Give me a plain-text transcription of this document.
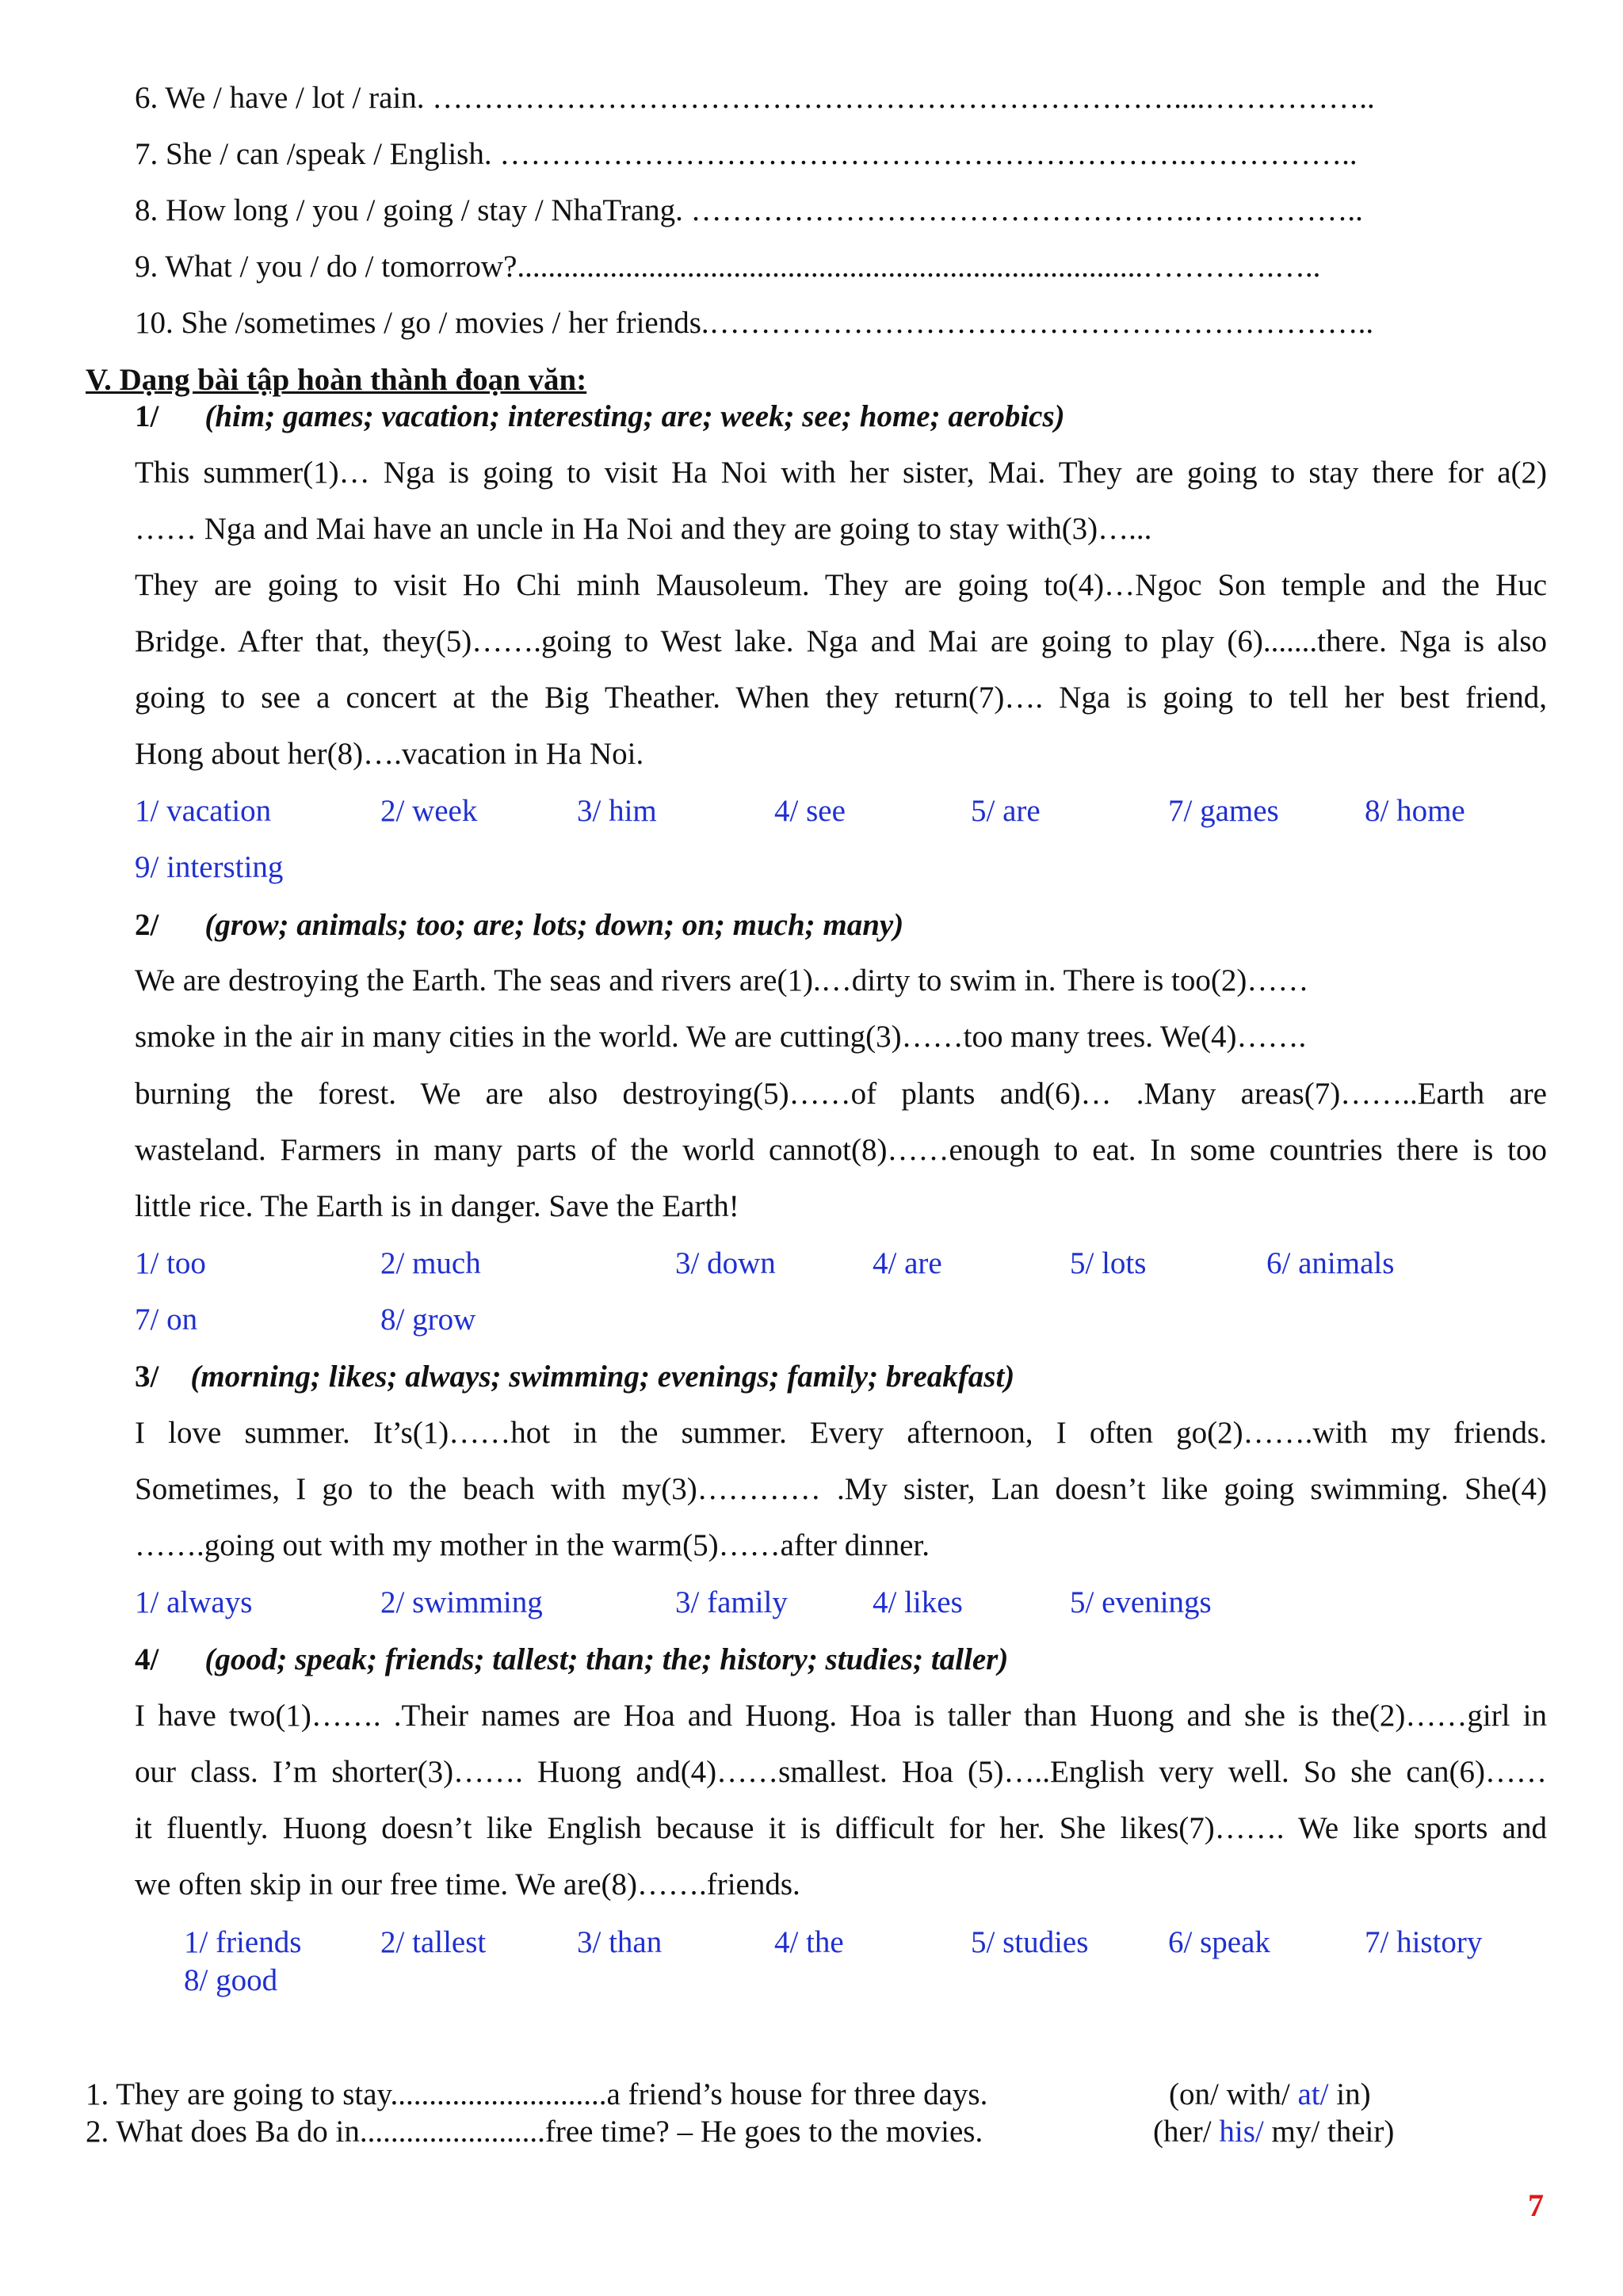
6. We / have / lot / rain. ………………………………………………………………....……………..
7. She / can /speak / English. ………………………………………………………….……………..
8. How long / you / going / stay / NhaTrang. ………………………………………….……………..
9. What / you / do / tomorrow?.................................................................................………….…..
10. She /sometimes / go / movies / her friends.………………………………………………………..
V. Dạng bài tập hoàn thành đoạn văn:
1/ (him; games; vacation; interesting; are; week; see; home; aerobics)
This summer(1)… Nga is going to visit Ha Noi with her sister, Mai. They are going to stay there for a(2)
…… Nga and Mai have an uncle in Ha Noi and they are going to stay with(3)…...
They are going to visit Ho Chi minh Mausoleum. They are going to(4)…Ngoc Son temple and the Huc
Bridge. After that, they(5)…….going to West lake. Nga and Mai are going to play (6).......there. Nga is also
going to see a concert at the Big Theather. When they return(7)…. Nga is going to tell her best friend,
Hong about her(8)….vacation in Ha Noi.
1/ vacation	2/ week	3/ him	4/ see	5/ are	7/ games	8/ home
9/ intersting
2/ (grow; animals; too; are; lots; down; on; much; many)
We are destroying the Earth. The seas and rivers are(1).…dirty to swim in. There is too(2)……
smoke in the air in many cities in the world. We are cutting(3)……too many trees. We(4)…….
burning the forest. We are also destroying(5)……of plants and(6)… .Many areas(7)……..Earth are
wasteland. Farmers in many parts of the world cannot(8)……enough to eat. In some countries there is too
little rice. The Earth is in danger. Save the Earth!
1/ too	2/ much	3/ down	4/ are	5/ lots	6/ animals
7/ on	8/ grow
3/ (morning; likes; always; swimming; evenings; family; breakfast)
I love summer. It’s(1)……hot in the summer. Every afternoon, I often go(2)…….with my friends.
Sometimes, I go to the beach with my(3)………… .My sister, Lan doesn’t like going swimming. She(4)
…….going out with my mother in the warm(5)……after dinner.
1/ always	2/ swimming	3/ family	4/ likes	5/ evenings
4/ (good; speak; friends; tallest; than; the; history; studies; taller)
I have two(1)……. .Their names are Hoa and Huong. Hoa is taller than Huong and she is the(2)……girl in
our class. I’m shorter(3)……. Huong and(4)……smallest. Hoa (5)…..English very well. So she can(6)……
it fluently. Huong doesn’t like English because it is difficult for her. She likes(7)……. We like sports and
we often skip in our free time. We are(8)…….friends.
1/ friends	2/ tallest	3/ than	4/ the	5/ studies	6/ speak	7/ history
8/ good
1. They are going to stay............................a friend’s house for three days.	(on/ with/ at/ in)
2. What does Ba do in........................free time? – He goes to the movies.	(her/ his/ my/ their)
7
